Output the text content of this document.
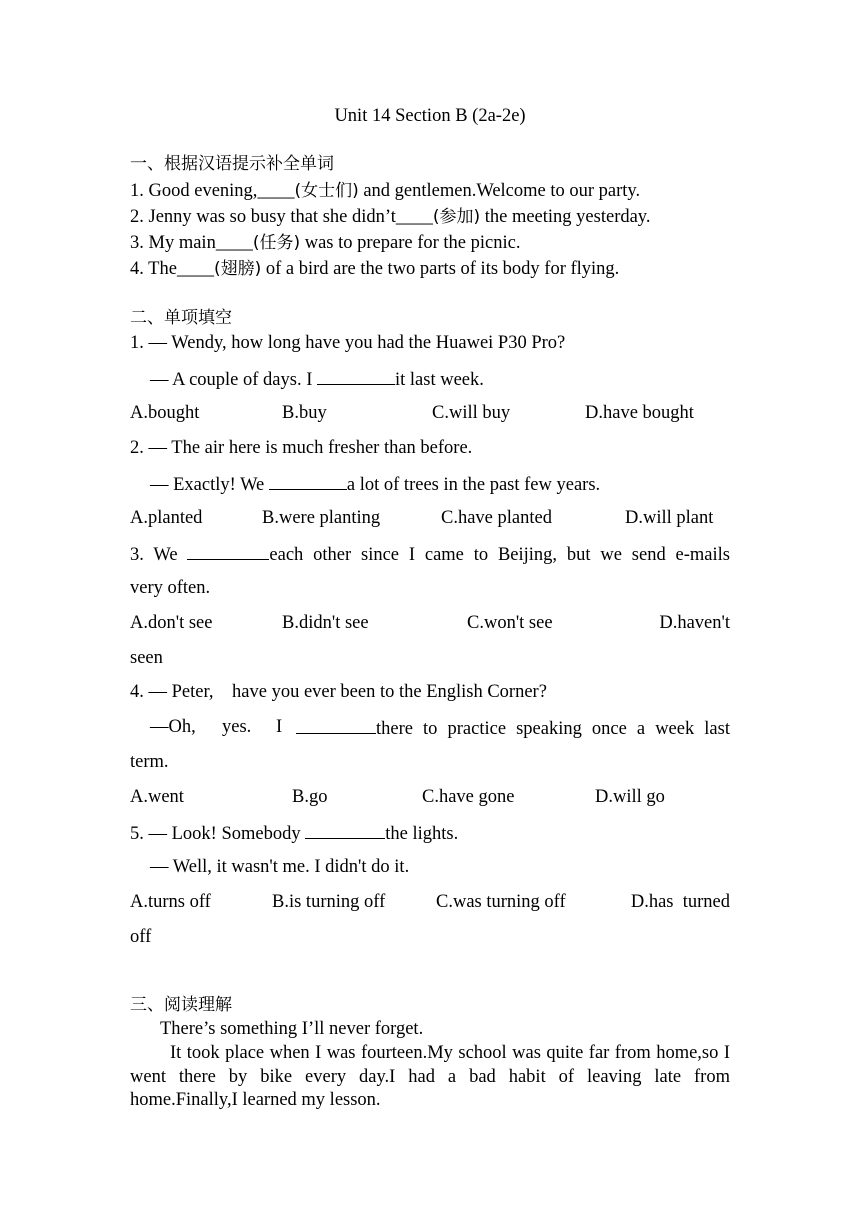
Unit 14 Section B (2a-2e)
一、根据汉语提示补全单词
1. Good evening,____(女士们) and gentlemen.Welcome to our party.
2. Jenny was so busy that she didn’t____(参加) the meeting yesterday.
3. My main____(任务) was to prepare for the picnic.
4. The____(翅膀) of a bird are the two parts of its body for flying.
二、单项填空
1. — Wendy, how long have you had the Huawei P30 Pro?
— A couple of days. I	it last week.
A.bought	B.buy	C.will buy	D.have bought
2. — The air here is much fresher than before.
— Exactly! We	a lot of trees in the past few years.
A.planted	B.were planting	C.have planted	D.will plant
3. We	each other since I came to Beijing, but we send e-mails
very often.
A.don't see	B.didn't see	C.won't see	D.haven't
seen
4. — Peter,    have you ever been to the English Corner?
—Oh, yes. I	there to practice speaking once a week last
term.
A.went	B.go	C.have gone	D.will go
5. — Look! Somebody	the lights.
— Well, it wasn't me. I didn't do it.
A.turns off	B.is turning off	C.was turning off	D.has  turned
off
三、阅读理解
There’s something I’ll never forget.
It took place when I was fourteen.My school was quite far from home,so I went there by bike every day.I had a bad habit of leaving late from home.Finally,I learned my lesson.
